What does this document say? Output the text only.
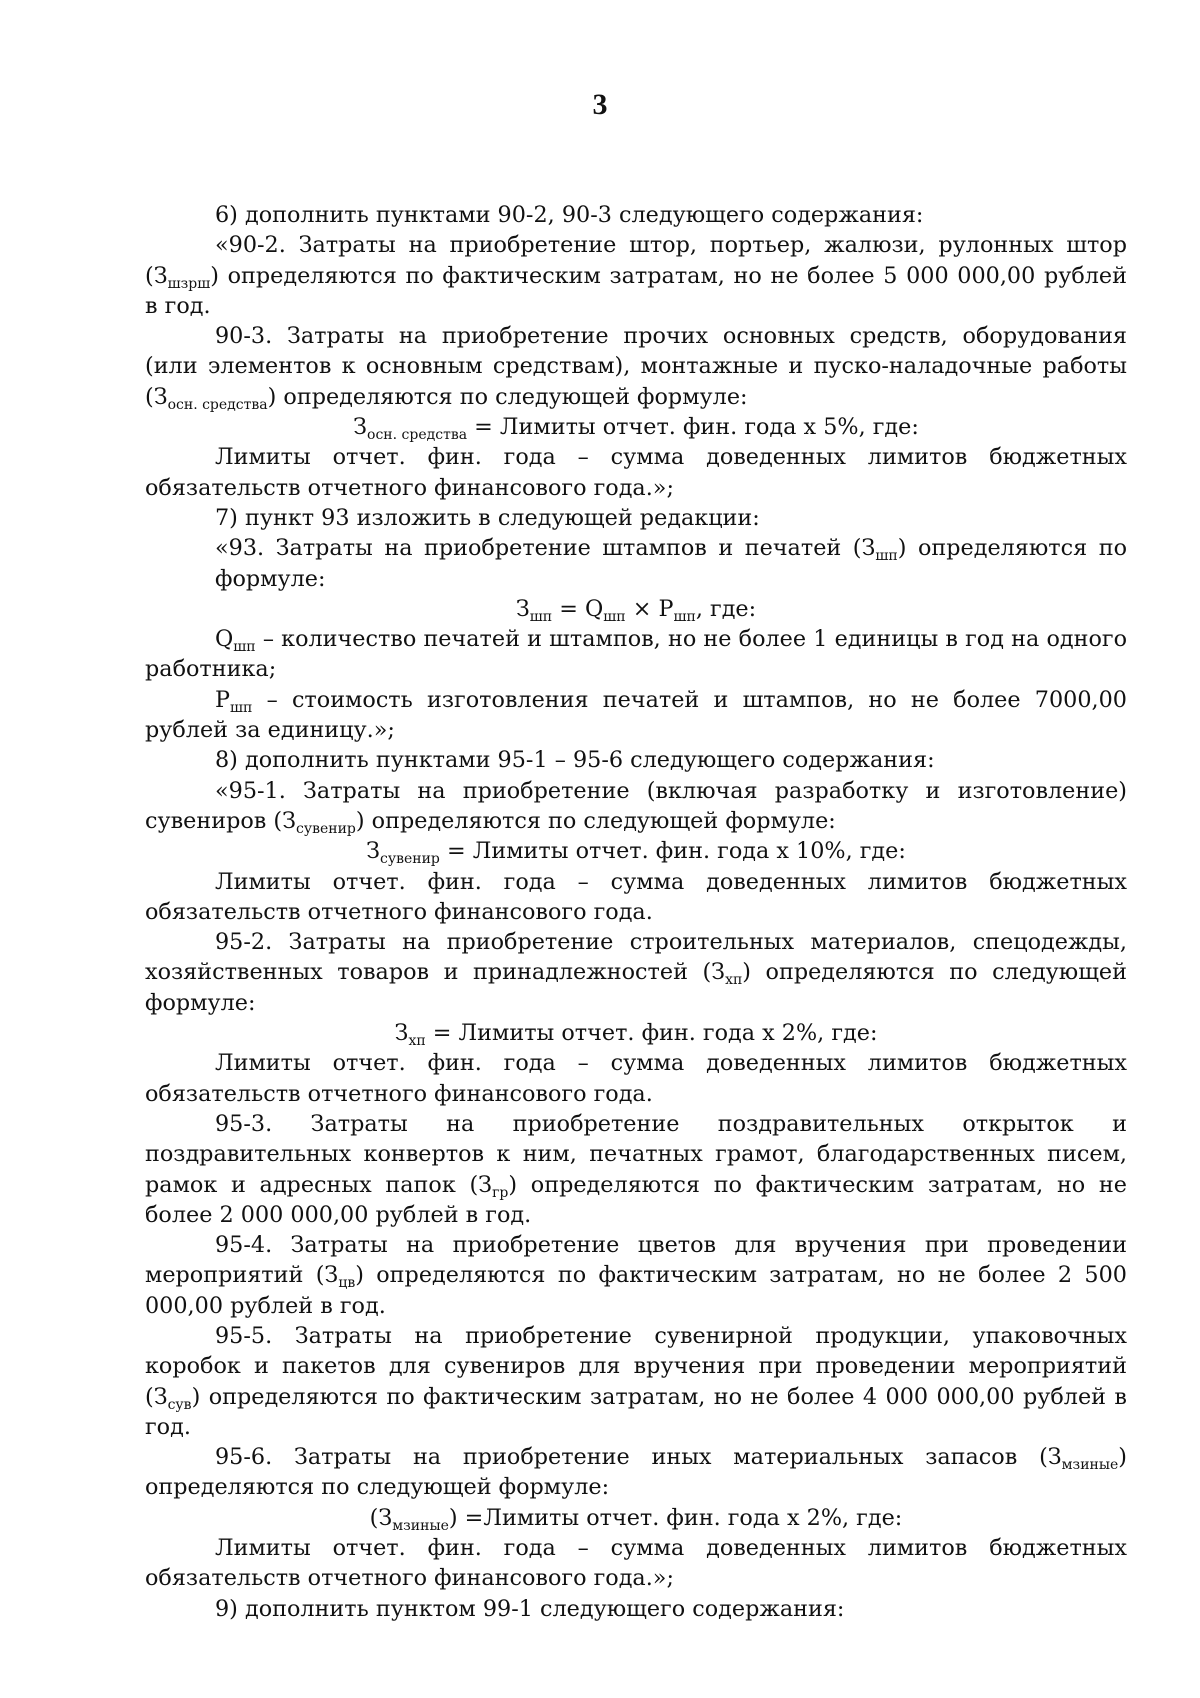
3

6) дополнить пунктами 90-2, 90-3 следующего содержания:

«90-2. Затраты на приобретение штор, портьер, жалюзи, рулонных штор $(З_{шзрш})$ определяются по фактическим затратам, но не более 5 000 000,00 рублей в год.

90-3. Затраты на приобретение прочих основных средств, оборудования (или элементов к основным средствам), монтажные и пуско-наладочные работы $(З_{осн. средства})$ определяются по следующей формуле:

$З_{осн. средства}$ = Лимиты отчет. фин. года х 5%, где:

Лимиты отчет. фин. года – сумма доведенных лимитов бюджетных обязательств отчетного финансового года.»;

7) пункт 93 изложить в следующей редакции:

«93. Затраты на приобретение штампов и печатей $(З_{шп})$ определяются по формуле:

$З_{шп} = Q_{шп} \times P_{шп}$, где:

$Q_{шп}$ – количество печатей и штампов, но не более 1 единицы в год на одного работника;

$P_{шп}$ – стоимость изготовления печатей и штампов, но не более 7000,00 рублей за единицу.»;

8) дополнить пунктами 95-1 – 95-6 следующего содержания:

«95-1. Затраты на приобретение (включая разработку и изготовление) сувениров $(З_{сувенир})$ определяются по следующей формуле:

$З_{сувенир}$ = Лимиты отчет. фин. года х 10%, где:

Лимиты отчет. фин. года – сумма доведенных лимитов бюджетных обязательств отчетного финансового года.

95-2. Затраты на приобретение строительных материалов, спецодежды, хозяйственных товаров и принадлежностей $(З_{хп})$ определяются по следующей формуле:

$З_{хп}$ = Лимиты отчет. фин. года х 2%, где:

Лимиты отчет. фин. года – сумма доведенных лимитов бюджетных обязательств отчетного финансового года.

95-3. Затраты на приобретение поздравительных открыток и поздравительных конвертов к ним, печатных грамот, благодарственных писем, рамок и адресных папок $(З_{гр})$ определяются по фактическим затратам, но не более 2 000 000,00 рублей в год.

95-4. Затраты на приобретение цветов для вручения при проведении мероприятий $(З_{цв})$ определяются по фактическим затратам, но не более 2 500 000,00 рублей в год.

95-5. Затраты на приобретение сувенирной продукции, упаковочных коробок и пакетов для сувениров для вручения при проведении мероприятий $(З_{сув})$ определяются по фактическим затратам, но не более 4 000 000,00 рублей в год.

95-6. Затраты на приобретение иных материальных запасов $(З_{мзиные})$ определяются по следующей формуле:

$(З_{мзиные})$ =Лимиты отчет. фин. года х 2%, где:

Лимиты отчет. фин. года – сумма доведенных лимитов бюджетных обязательств отчетного финансового года.»;

9) дополнить пунктом 99-1 следующего содержания:
